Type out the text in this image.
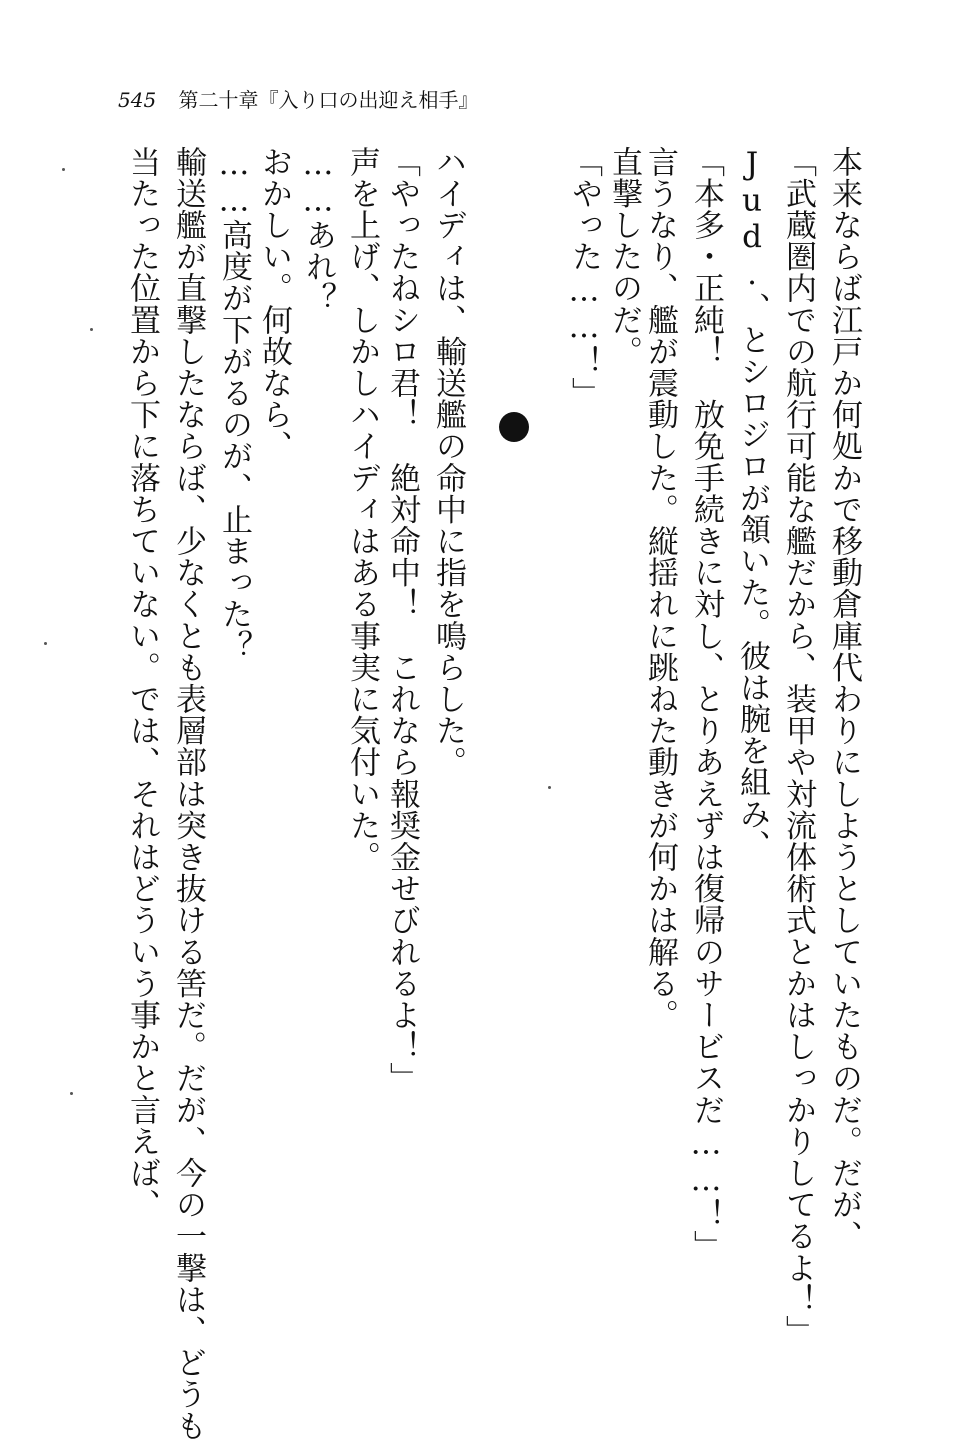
545 第二十章『入り口の出迎え相手』
本来ならば江戸か何処かで移動倉庫代わりにしようとしていたものだ。だが、
「武蔵圏内での航行可能な艦だから、装甲や対流体術式とかはしっかりしてるよ！」
Jud.、とシロジロが頷いた。彼は腕を組み、
「本多・正純！　放免手続きに対し、とりあえずは復帰のサービスだ……！」
言うなり、艦が震動した。縦揺れに跳ねた動きが何かは解る。
直撃したのだ。
「やった……！」
ハイディは、輸送艦の命中に指を鳴らした。
「やったねシロ君！　絶対命中！　これなら報奨金せびれるよ！」
声を上げ、しかしハイディはある事実に気付いた。
……あれ？
おかしい。何故なら、
……高度が下がるのが、止まった？
輸送艦が直撃したならば、少なくとも表層部は突き抜ける筈だ。だが、今の一撃は、どうも
当たった位置から下に落ちていない。では、それはどういう事かと言えば、
